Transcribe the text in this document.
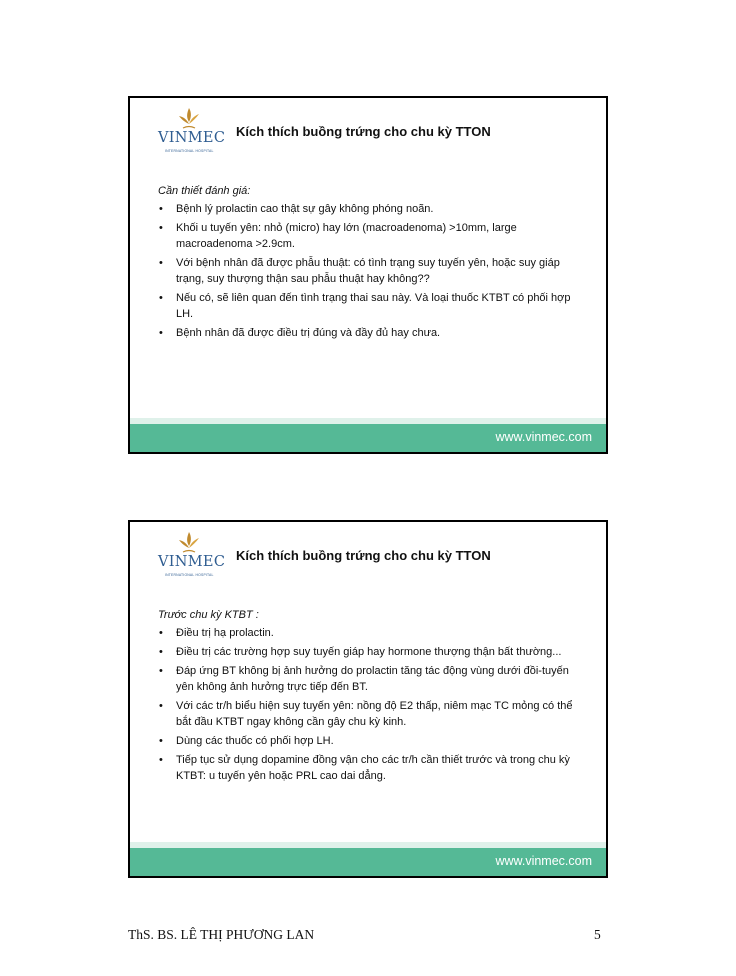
VINMEC
INTERNATIONAL HOSPITAL
Kích thích buồng trứng cho chu kỳ TTON
Cần thiết đánh giá:
• Bệnh lý prolactin cao thật sự gây không phóng noãn.
• Khối u tuyến yên: nhỏ (micro) hay lớn (macroadenoma) >10mm, large macroadenoma >2.9cm.
• Với bệnh nhân đã được phẫu thuật: có tình trạng suy tuyến yên, hoặc suy giáp trạng, suy thượng thận sau phẫu thuật hay không??
• Nếu có, sẽ liên quan đến tình trạng thai sau này. Và loại thuốc KTBT có phối hợp LH.
• Bệnh nhân đã được điều trị đúng và đầy đủ hay chưa.
www.vinmec.com
VINMEC
INTERNATIONAL HOSPITAL
Kích thích buồng trứng cho chu kỳ TTON
Trước chu kỳ KTBT :
• Điều trị hạ prolactin.
• Điều trị các trường hợp suy tuyến giáp hay hormone thượng thận bất thường...
• Đáp ứng BT không bị ảnh hưởng do prolactin tăng tác động vùng dưới đồi-tuyến yên không ảnh hưởng trực tiếp đến BT.
• Với các tr/h biểu hiện suy tuyến yên: nồng độ E2 thấp, niêm mạc TC mỏng có thể bắt đầu KTBT ngay không cần gây chu kỳ kinh.
• Dùng các thuốc có phối hợp LH.
• Tiếp tục sử dụng dopamine đồng vận cho các tr/h cần thiết trước và trong chu kỳ KTBT: u tuyến yên hoặc PRL cao dai dẳng.
www.vinmec.com
ThS. BS. LÊ THỊ PHƯƠNG LAN	5
